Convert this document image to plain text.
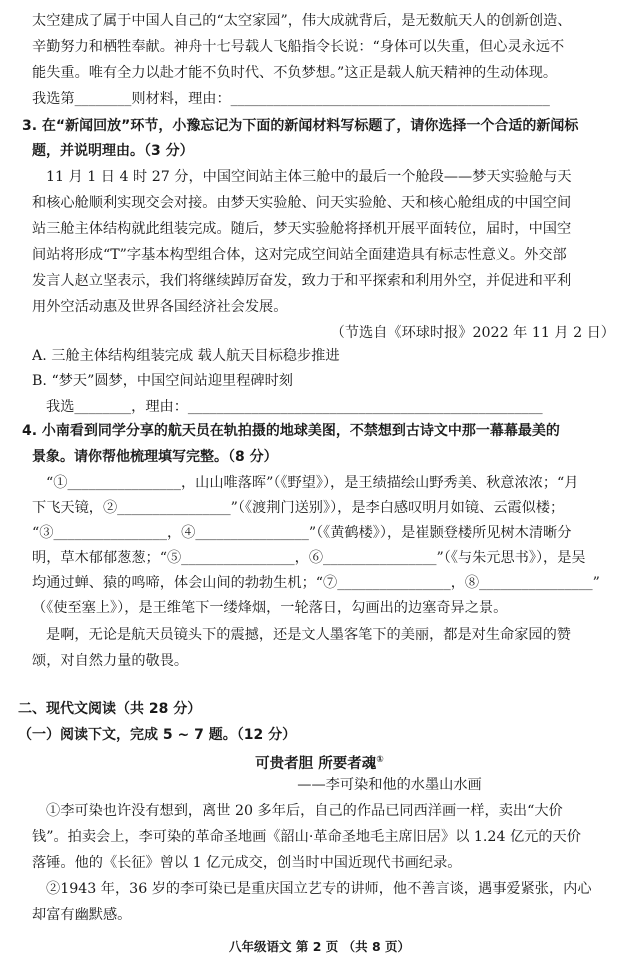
太空建成了属于中国人自己的“太空家园”，伟大成就背后，是无数航天人的创新创造、
辛勤努力和栖牲奉献。神舟十七号载人飞船指令长说：“身体可以失重，但心灵永远不
能失重。唯有全力以赴才能不负时代、不负梦想。”这正是载人航天精神的生动体现。
我选第________则材料，理由：_____________________________________________
3. 在“新闻回放”环节，小豫忘记为下面的新闻材料写标题了，请你选择一个合适的新闻标
题，并说明理由。（3 分）
11 月 1 日 4 时 27 分，中国空间站主体三舱中的最后一个舱段——梦天实验舱与天
和核心舱顺利实现交会对接。由梦天实验舱、问天实验舱、天和核心舱组成的中国空间
站三舱主体结构就此组装完成。随后，梦天实验舱将择机开展平面转位，届时，中国空
间站将形成“T”字基本构型组合体，这对完成空间站全面建造具有标志性意义。外交部
发言人赵立坚表示，我们将继续踔厉奋发，致力于和平探索和利用外空，并促进和平利
用外空活动惠及世界各国经济社会发展。
（节选自《环球时报》2022 年 11 月 2 日）
A. 三舱主体结构组装完成 载人航天目标稳步推进
B. “梦天”圆梦，中国空间站迎里程碑时刻
我选________，理由：__________________________________________________
4. 小南看到同学分享的航天员在轨拍摄的地球美图，不禁想到古诗文中那一幕幕最美的
景象。请你帮他梳理填写完整。（8 分）
“①________________，山山唯落晖”（《野望》），是王绩描绘山野秀美、秋意浓浓；“月
下飞天镜，②________________”（《渡荆门送别》），是李白感叹明月如镜、云霞似楼；
“③________________，④________________”（《黄鹤楼》），是崔颢登楼所见树木清晰分
明，草木郁郁葱葱；“⑤________________，⑥________________”（《与朱元思书》），是吴
均通过蝉、猿的鸣啼，体会山间的勃勃生机；“⑦________________，⑧________________”
（《使至塞上》），是王维笔下一缕烽烟，一轮落日，勾画出的边塞奇异之景。
是啊，无论是航天员镜头下的震撼，还是文人墨客笔下的美丽，都是对生命家园的赞
颂，对自然力量的敬畏。
二、现代文阅读（共 28 分）
（一）阅读下文，完成 5 ~ 7 题。（12 分）
可贵者胆 所要者魂①
——李可染和他的水墨山水画
①李可染也许没有想到，离世 20 多年后，自己的作品已同西洋画一样，卖出“大价
钱”。拍卖会上，李可染的革命圣地画《韶山·革命圣地毛主席旧居》以 1.24 亿元的天价
落锤。他的《长征》曾以 1 亿元成交，创当时中国近现代书画纪录。
②1943 年，36 岁的李可染已是重庆国立艺专的讲师，他不善言谈，遇事爱紧张，内心
却富有幽默感。
八年级语文 第 2 页 （共 8 页）
